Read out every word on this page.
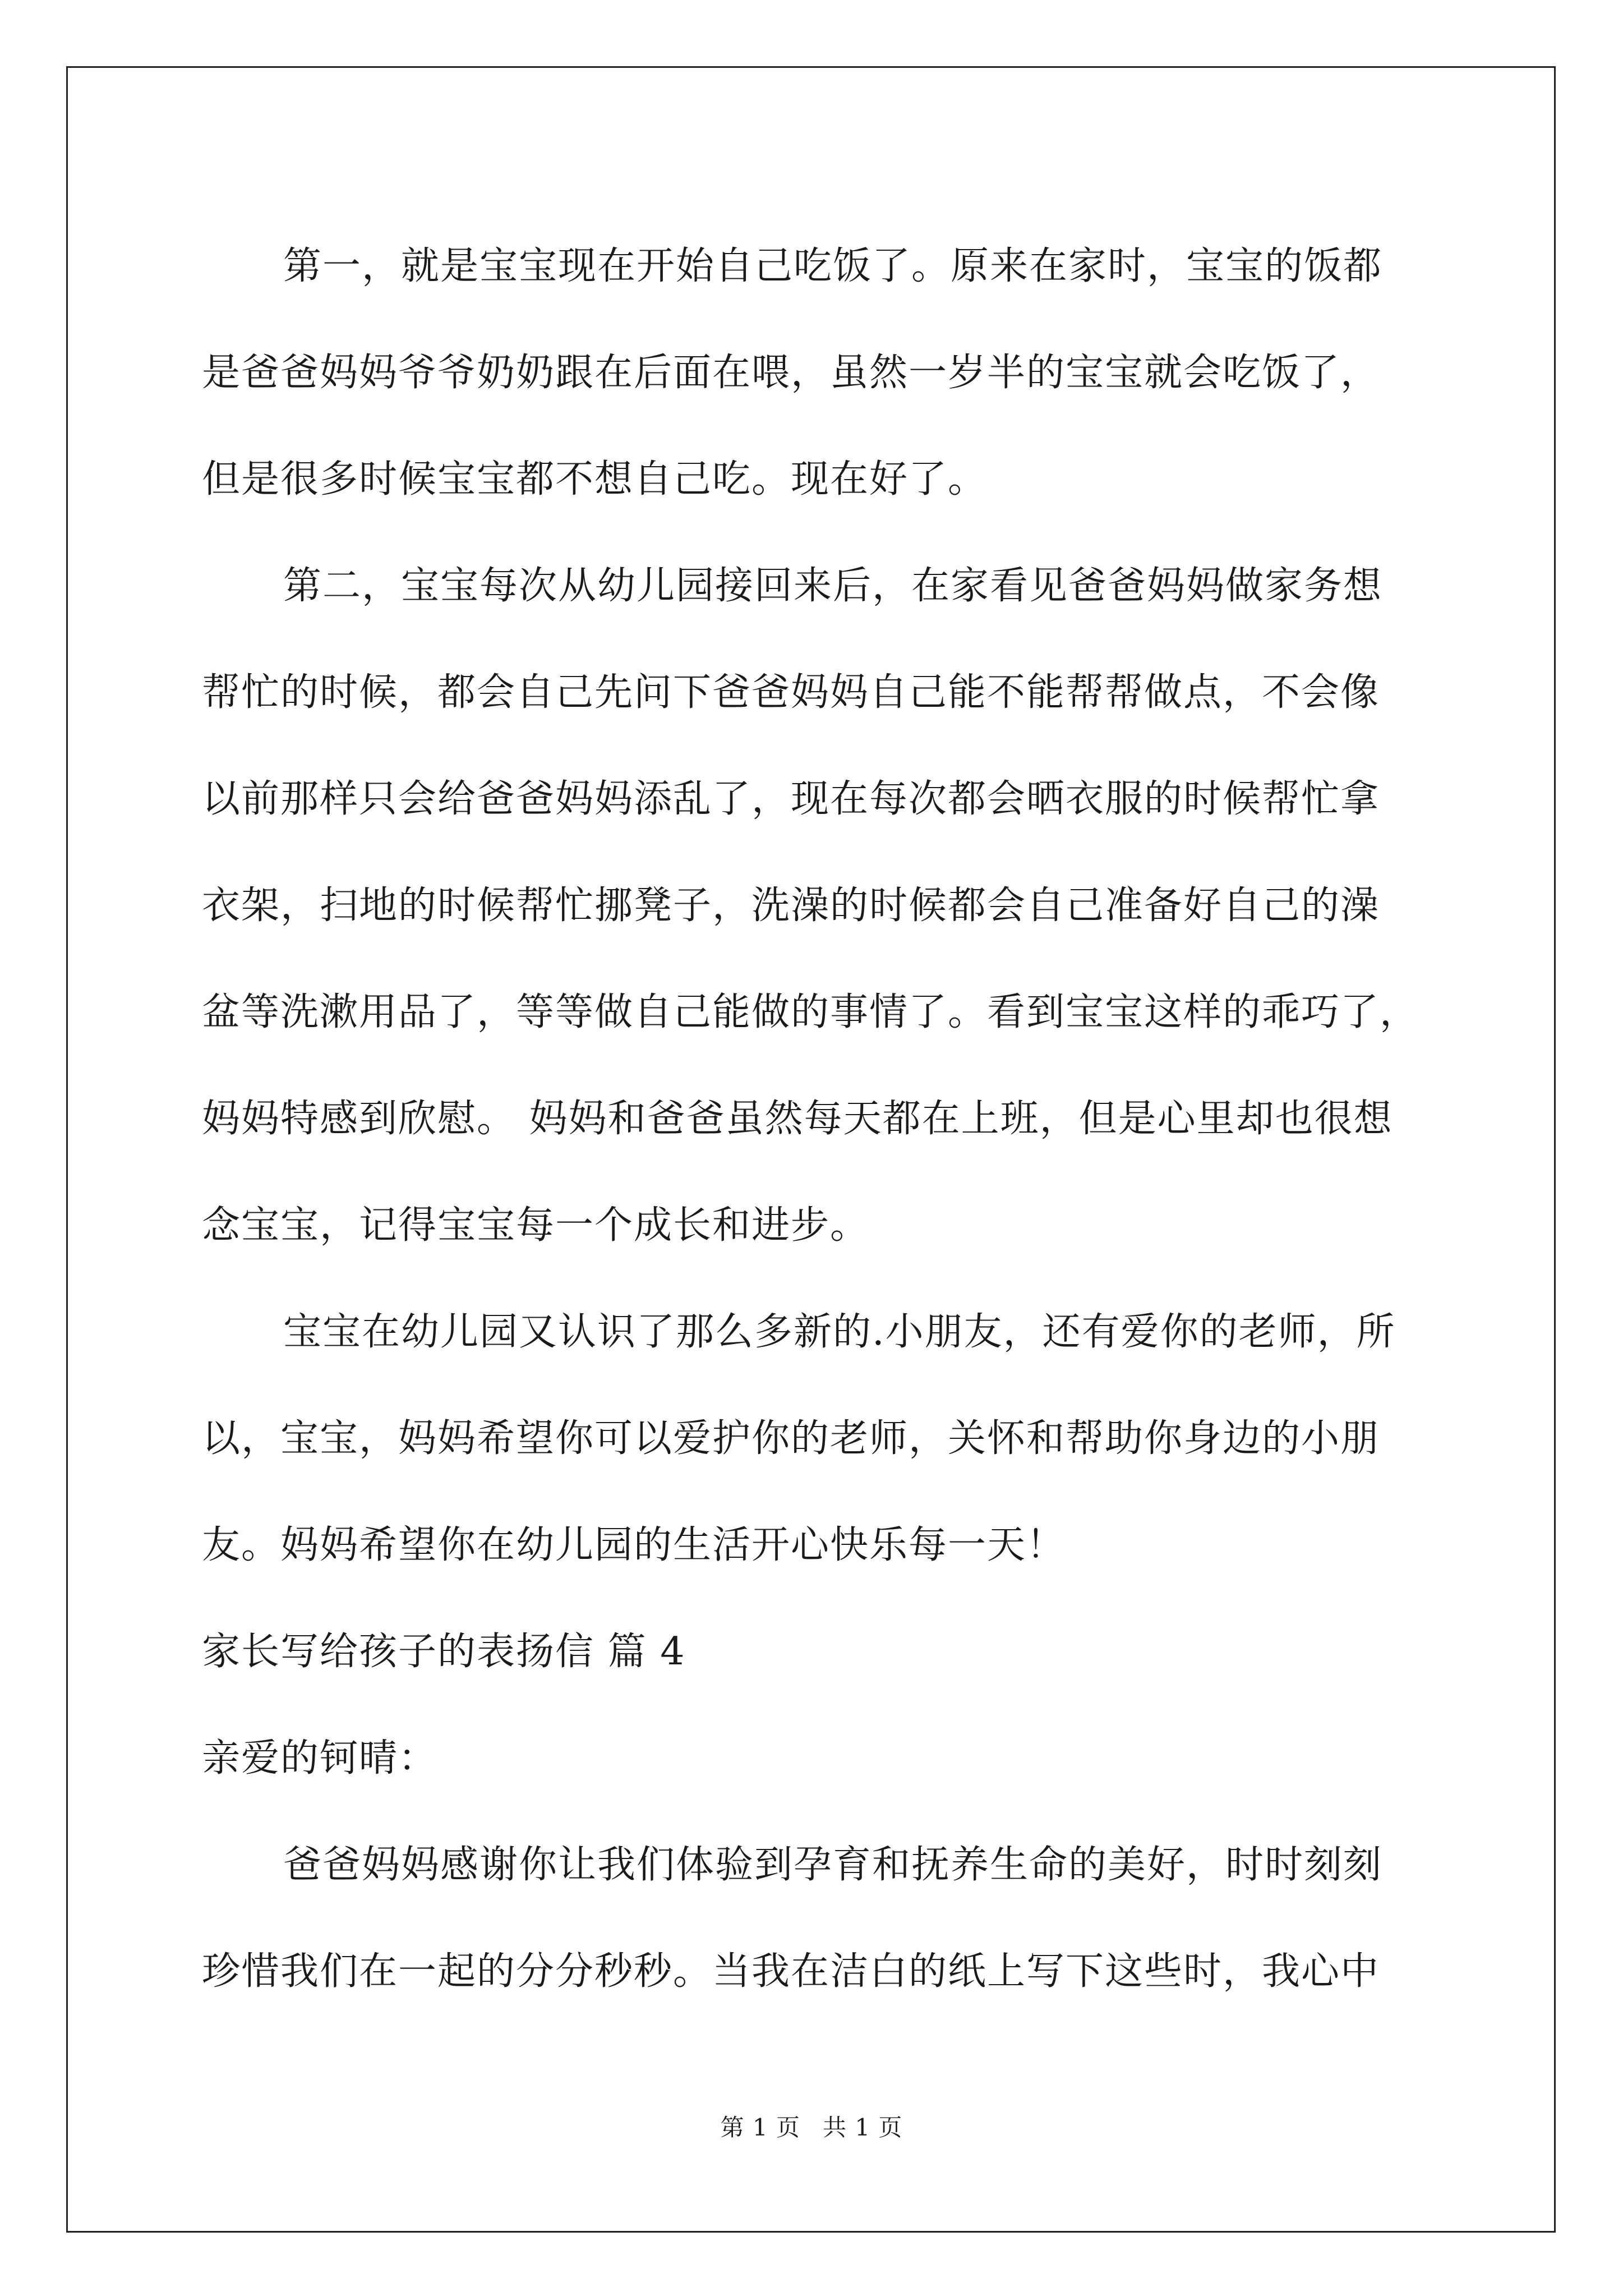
第一，就是宝宝现在开始自己吃饭了。原来在家时，宝宝的饭都
是爸爸妈妈爷爷奶奶跟在后面在喂，虽然一岁半的宝宝就会吃饭了，
但是很多时候宝宝都不想自己吃。现在好了。
第二，宝宝每次从幼儿园接回来后，在家看见爸爸妈妈做家务想
帮忙的时候，都会自己先问下爸爸妈妈自己能不能帮帮做点，不会像
以前那样只会给爸爸妈妈添乱了，现在每次都会晒衣服的时候帮忙拿
衣架，扫地的时候帮忙挪凳子，洗澡的时候都会自己准备好自己的澡
盆等洗漱用品了，等等做自己能做的事情了。看到宝宝这样的乖巧了，
妈妈特感到欣慰。 妈妈和爸爸虽然每天都在上班，但是心里却也很想
念宝宝，记得宝宝每一个成长和进步。
宝宝在幼儿园又认识了那么多新的.小朋友，还有爱你的老师，所
以，宝宝，妈妈希望你可以爱护你的老师，关怀和帮助你身边的小朋
友。妈妈希望你在幼儿园的生活开心快乐每一天！
家长写给孩子的表扬信 篇 4
亲爱的钶晴：
爸爸妈妈感谢你让我们体验到孕育和抚养生命的美好，时时刻刻
珍惜我们在一起的分分秒秒。当我在洁白的纸上写下这些时，我心中
第 1 页 共 1 页
